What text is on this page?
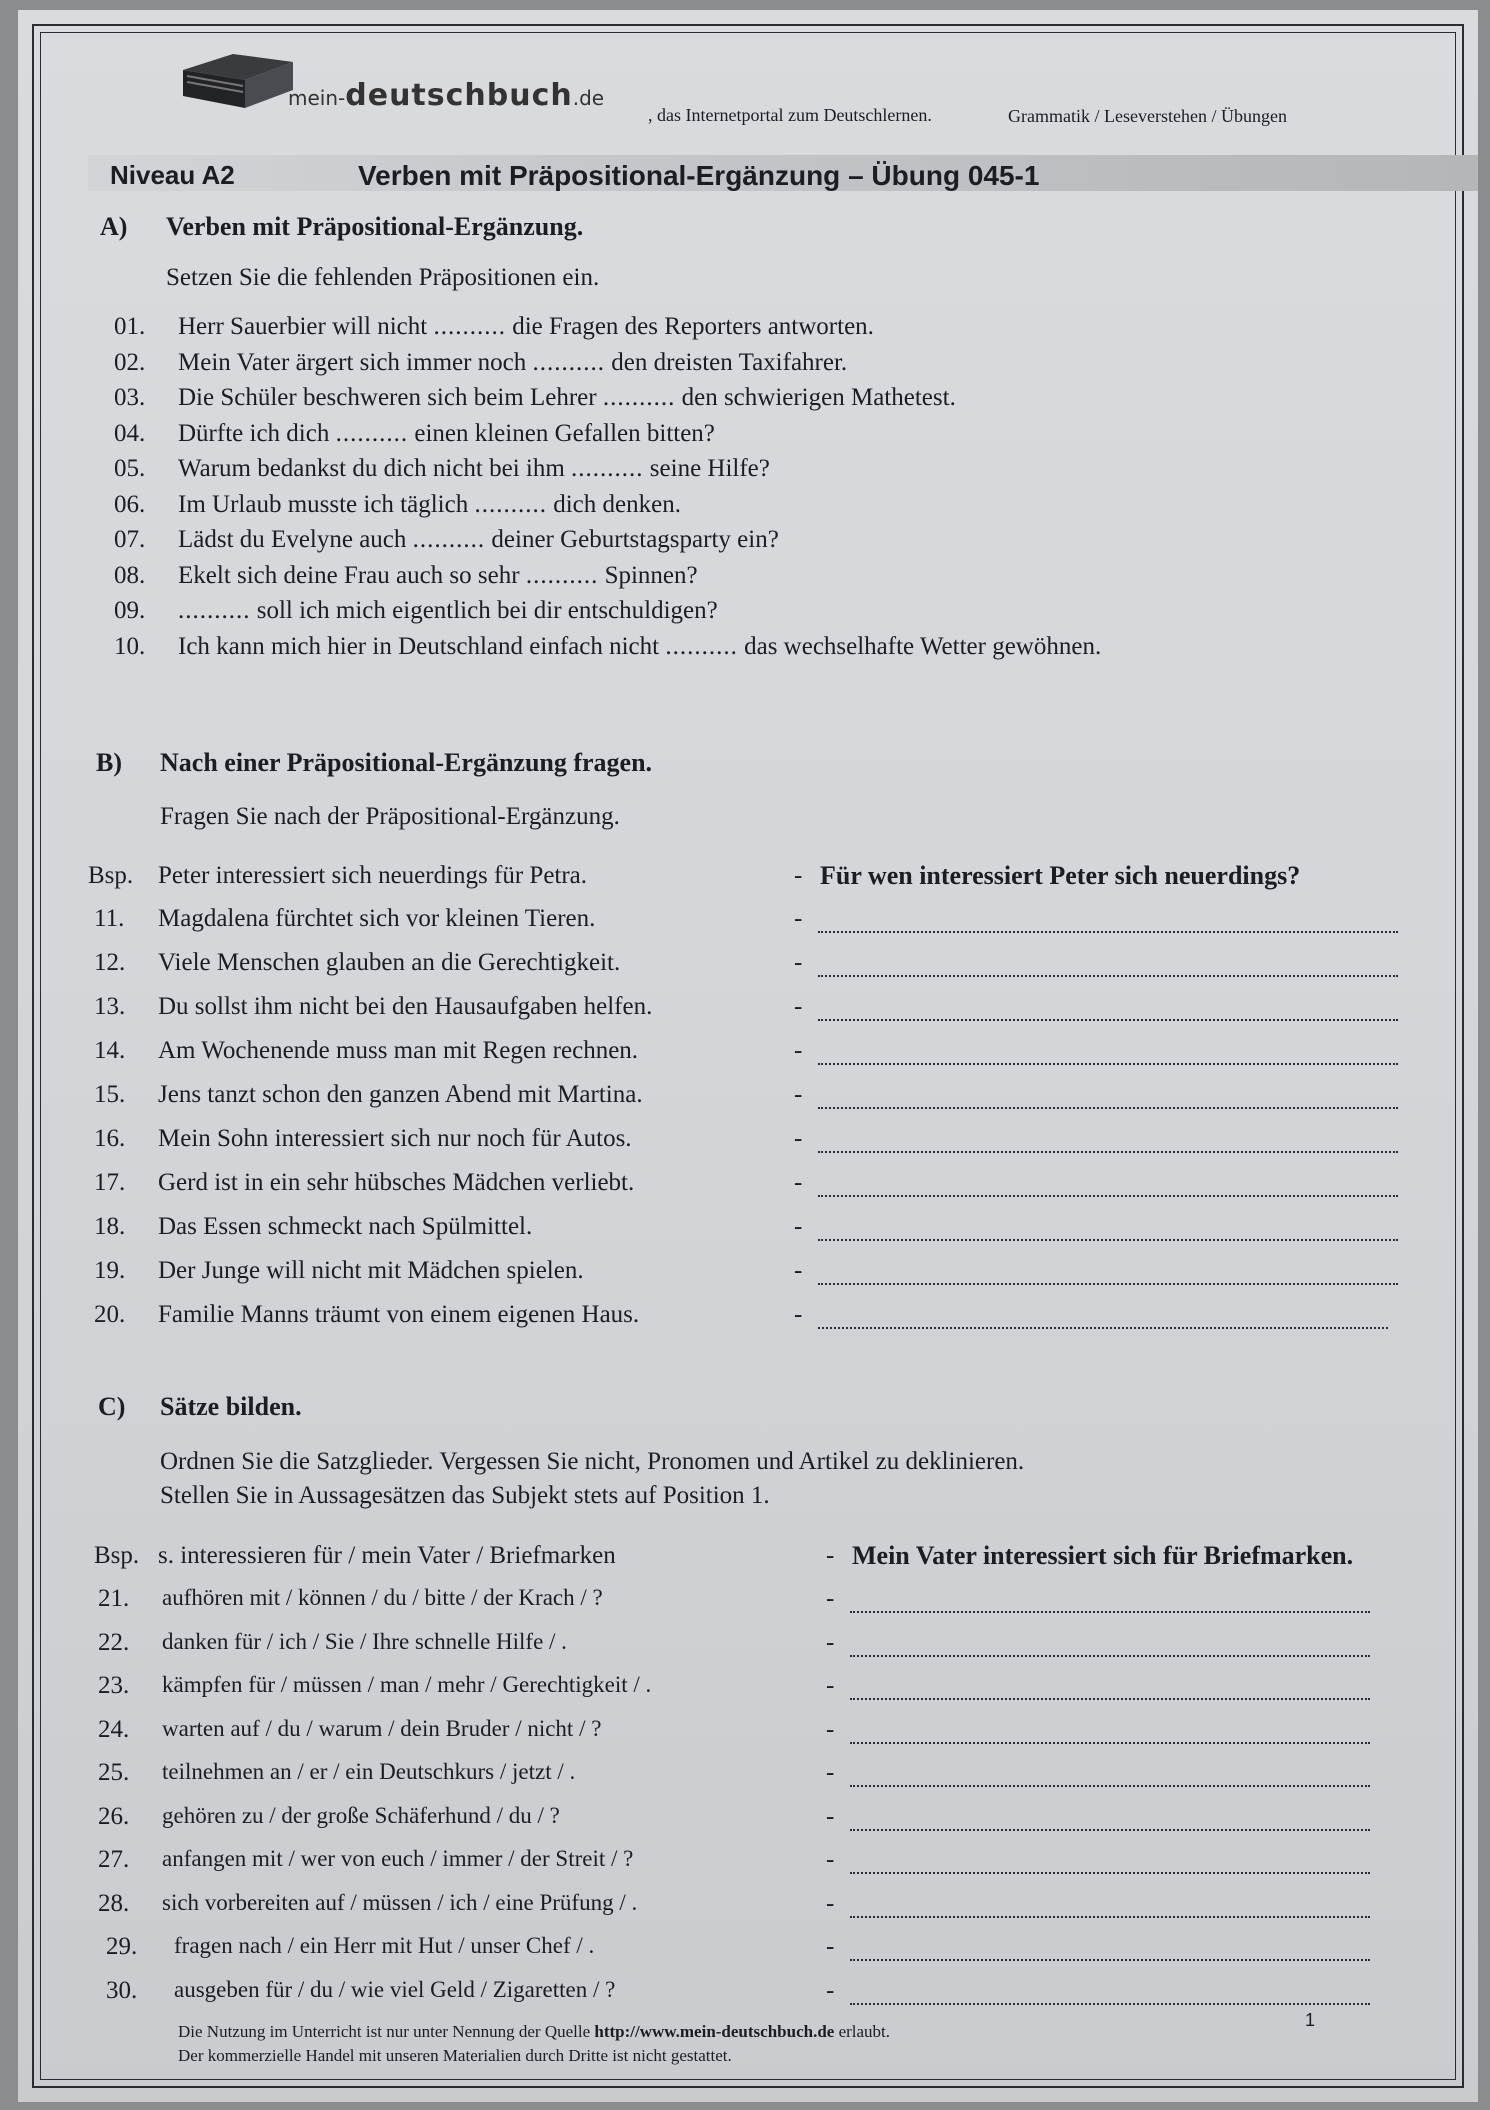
mein-deutschbuch.de
, das Internetportal zum Deutschlernen.	Grammatik / Leseverstehen / Übungen
Niveau A2	Verben mit Präpositional-Ergänzung – Übung 045-1
A) Verben mit Präpositional-Ergänzung.
Setzen Sie die fehlenden Präpositionen ein.
01. Herr Sauerbier will nicht .......... die Fragen des Reporters antworten.
02. Mein Vater ärgert sich immer noch .......... den dreisten Taxifahrer.
03. Die Schüler beschweren sich beim Lehrer .......... den schwierigen Mathetest.
04. Dürfte ich dich .......... einen kleinen Gefallen bitten?
05. Warum bedankst du dich nicht bei ihm .......... seine Hilfe?
06. Im Urlaub musste ich täglich .......... dich denken.
07. Lädst du Evelyne auch .......... deiner Geburtstagsparty ein?
08. Ekelt sich deine Frau auch so sehr .......... Spinnen?
09. .......... soll ich mich eigentlich bei dir entschuldigen?
10. Ich kann mich hier in Deutschland einfach nicht .......... das wechselhafte Wetter gewöhnen.
B) Nach einer Präpositional-Ergänzung fragen.
Fragen Sie nach der Präpositional-Ergänzung.
Bsp. Peter interessiert sich neuerdings für Petra.	- Für wen interessiert Peter sich neuerdings?
11. Magdalena fürchtet sich vor kleinen Tieren.	-
12. Viele Menschen glauben an die Gerechtigkeit.	-
13. Du sollst ihm nicht bei den Hausaufgaben helfen.	-
14. Am Wochenende muss man mit Regen rechnen.	-
15. Jens tanzt schon den ganzen Abend mit Martina.	-
16. Mein Sohn interessiert sich nur noch für Autos.	-
17. Gerd ist in ein sehr hübsches Mädchen verliebt.	-
18. Das Essen schmeckt nach Spülmittel.	-
19. Der Junge will nicht mit Mädchen spielen.	-
20. Familie Manns träumt von einem eigenen Haus.	-
C) Sätze bilden.
Ordnen Sie die Satzglieder. Vergessen Sie nicht, Pronomen und Artikel zu deklinieren.
Stellen Sie in Aussagesätzen das Subjekt stets auf Position 1.
Bsp. s. interessieren für / mein Vater / Briefmarken	- Mein Vater interessiert sich für Briefmarken.
21. aufhören mit / können / du / bitte / der Krach / ?	-
22. danken für / ich / Sie / Ihre schnelle Hilfe / .	-
23. kämpfen für / müssen / man / mehr / Gerechtigkeit / .	-
24. warten auf / du / warum / dein Bruder / nicht / ?	-
25. teilnehmen an / er / ein Deutschkurs / jetzt / .	-
26. gehören zu / der große Schäferhund / du / ?	-
27. anfangen mit / wer von euch / immer / der Streit / ?	-
28. sich vorbereiten auf / müssen / ich / eine Prüfung / .	-
29. fragen nach / ein Herr mit Hut / unser Chef / .	-
30. ausgeben für / du / wie viel Geld / Zigaretten / ?	-
Die Nutzung im Unterricht ist nur unter Nennung der Quelle http://www.mein-deutschbuch.de erlaubt.
Der kommerzielle Handel mit unseren Materialien durch Dritte ist nicht gestattet.
1
